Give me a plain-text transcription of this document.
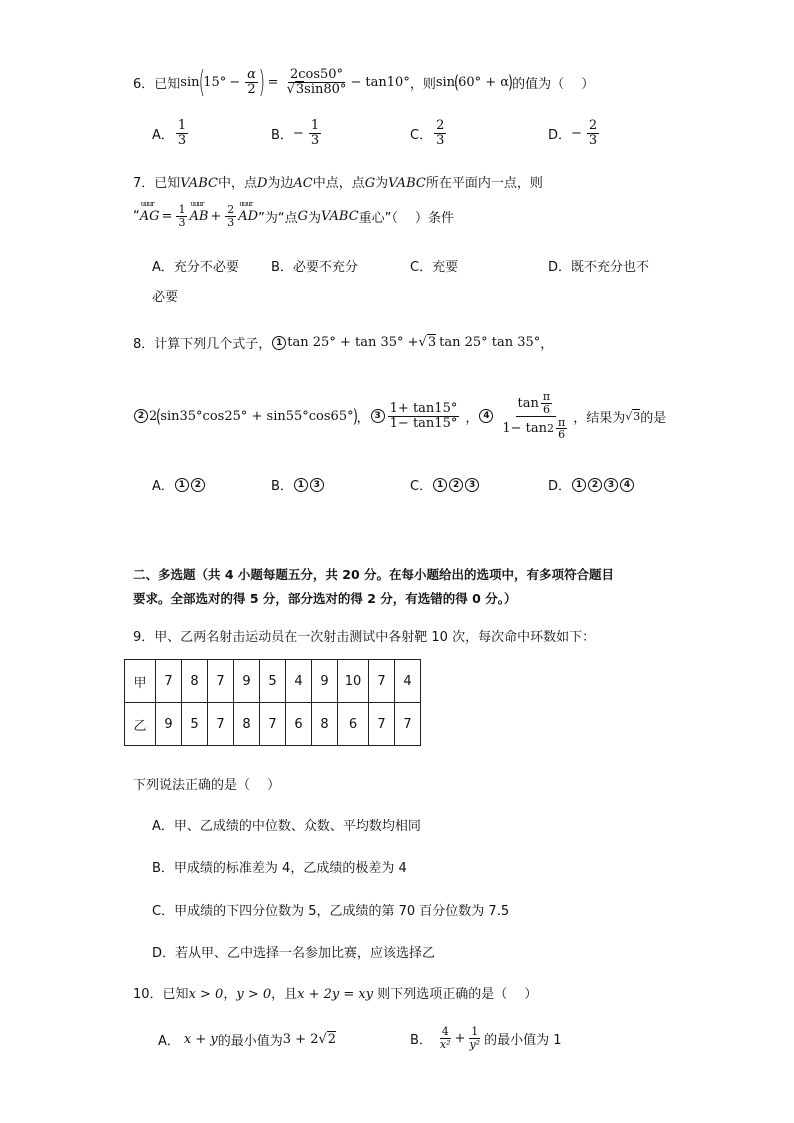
6． 已知 sin
(
$15^\circ - \frac{\alpha}{2}$ ) = $\frac{2\cos 50^\circ}{√3\sin 80^\circ} - \tan 10^\circ$ ，则 sin ( 60° + α ) 的值为（　 ）
A． $\frac{1}{3}$	B． − $\frac{1}{3}$	C． $\frac{2}{3}$	D． − $\frac{2}{3}$
7．已知VABC中，点D为边AC中点，点G为VABC所在平面内一点，则
“
uuur
AG = $\frac{1}{3}$
uuur
AB + $\frac{2}{3}$
uuur
AD ”为“点 G 为 VABC 重心”（　 ）条件
A．充分不必要 B．必要不充分	C．充要	D．既不充分也不
必要
8． 计算下列几个式子， 1 tan 25° + tan 35° + √3 tan 25° tan 35° ，
2 2 ( sin35°cos25° + sin55°cos65° ) ， $3 \frac{1+ \tan 15^\circ}{1- \tan 15^\circ}$ ， $4 \frac{\tan \frac{\pi}{6}}{1- \tan 2 \frac{\pi}{6}}$ ，结果为 √3 的是
A． 1	2	B． 1	3	C． 1	2	3	D． 1	2	3	4
二、多选题（共 4 小题每题五分，共 20 分。在每小题给出的选项中，有多项符合题目
要求。全部选对的得 5 分，部分选对的得 2 分，有选错的得 0 分。）
9．甲、乙两名射击运动员在一次射击测试中各射靶 10 次，每次命中环数如下：
甲	7	8	7	9	5	4	9	10	7	4
乙	9	5	7	8	7	6	8	6	7	7
下列说法正确的是（　 ）
A．甲、乙成绩的中位数、众数、平均数均相同
B．甲成绩的标准差为 4，乙成绩的极差为 4
C．甲成绩的下四分位数为 5，乙成绩的第 70 百分位数为 7.5
D．若从甲、乙中选择一名参加比赛，应该选择乙
10．已知x > 0，y > 0，且x + 2y = xy 则下列选项正确的是（　 ）
A． x + y 的最小值为 3 + 2 √2	B． $\frac{4}{\text{x²}} + \frac{1}{\text{y²}}$ 的最小值为 1
